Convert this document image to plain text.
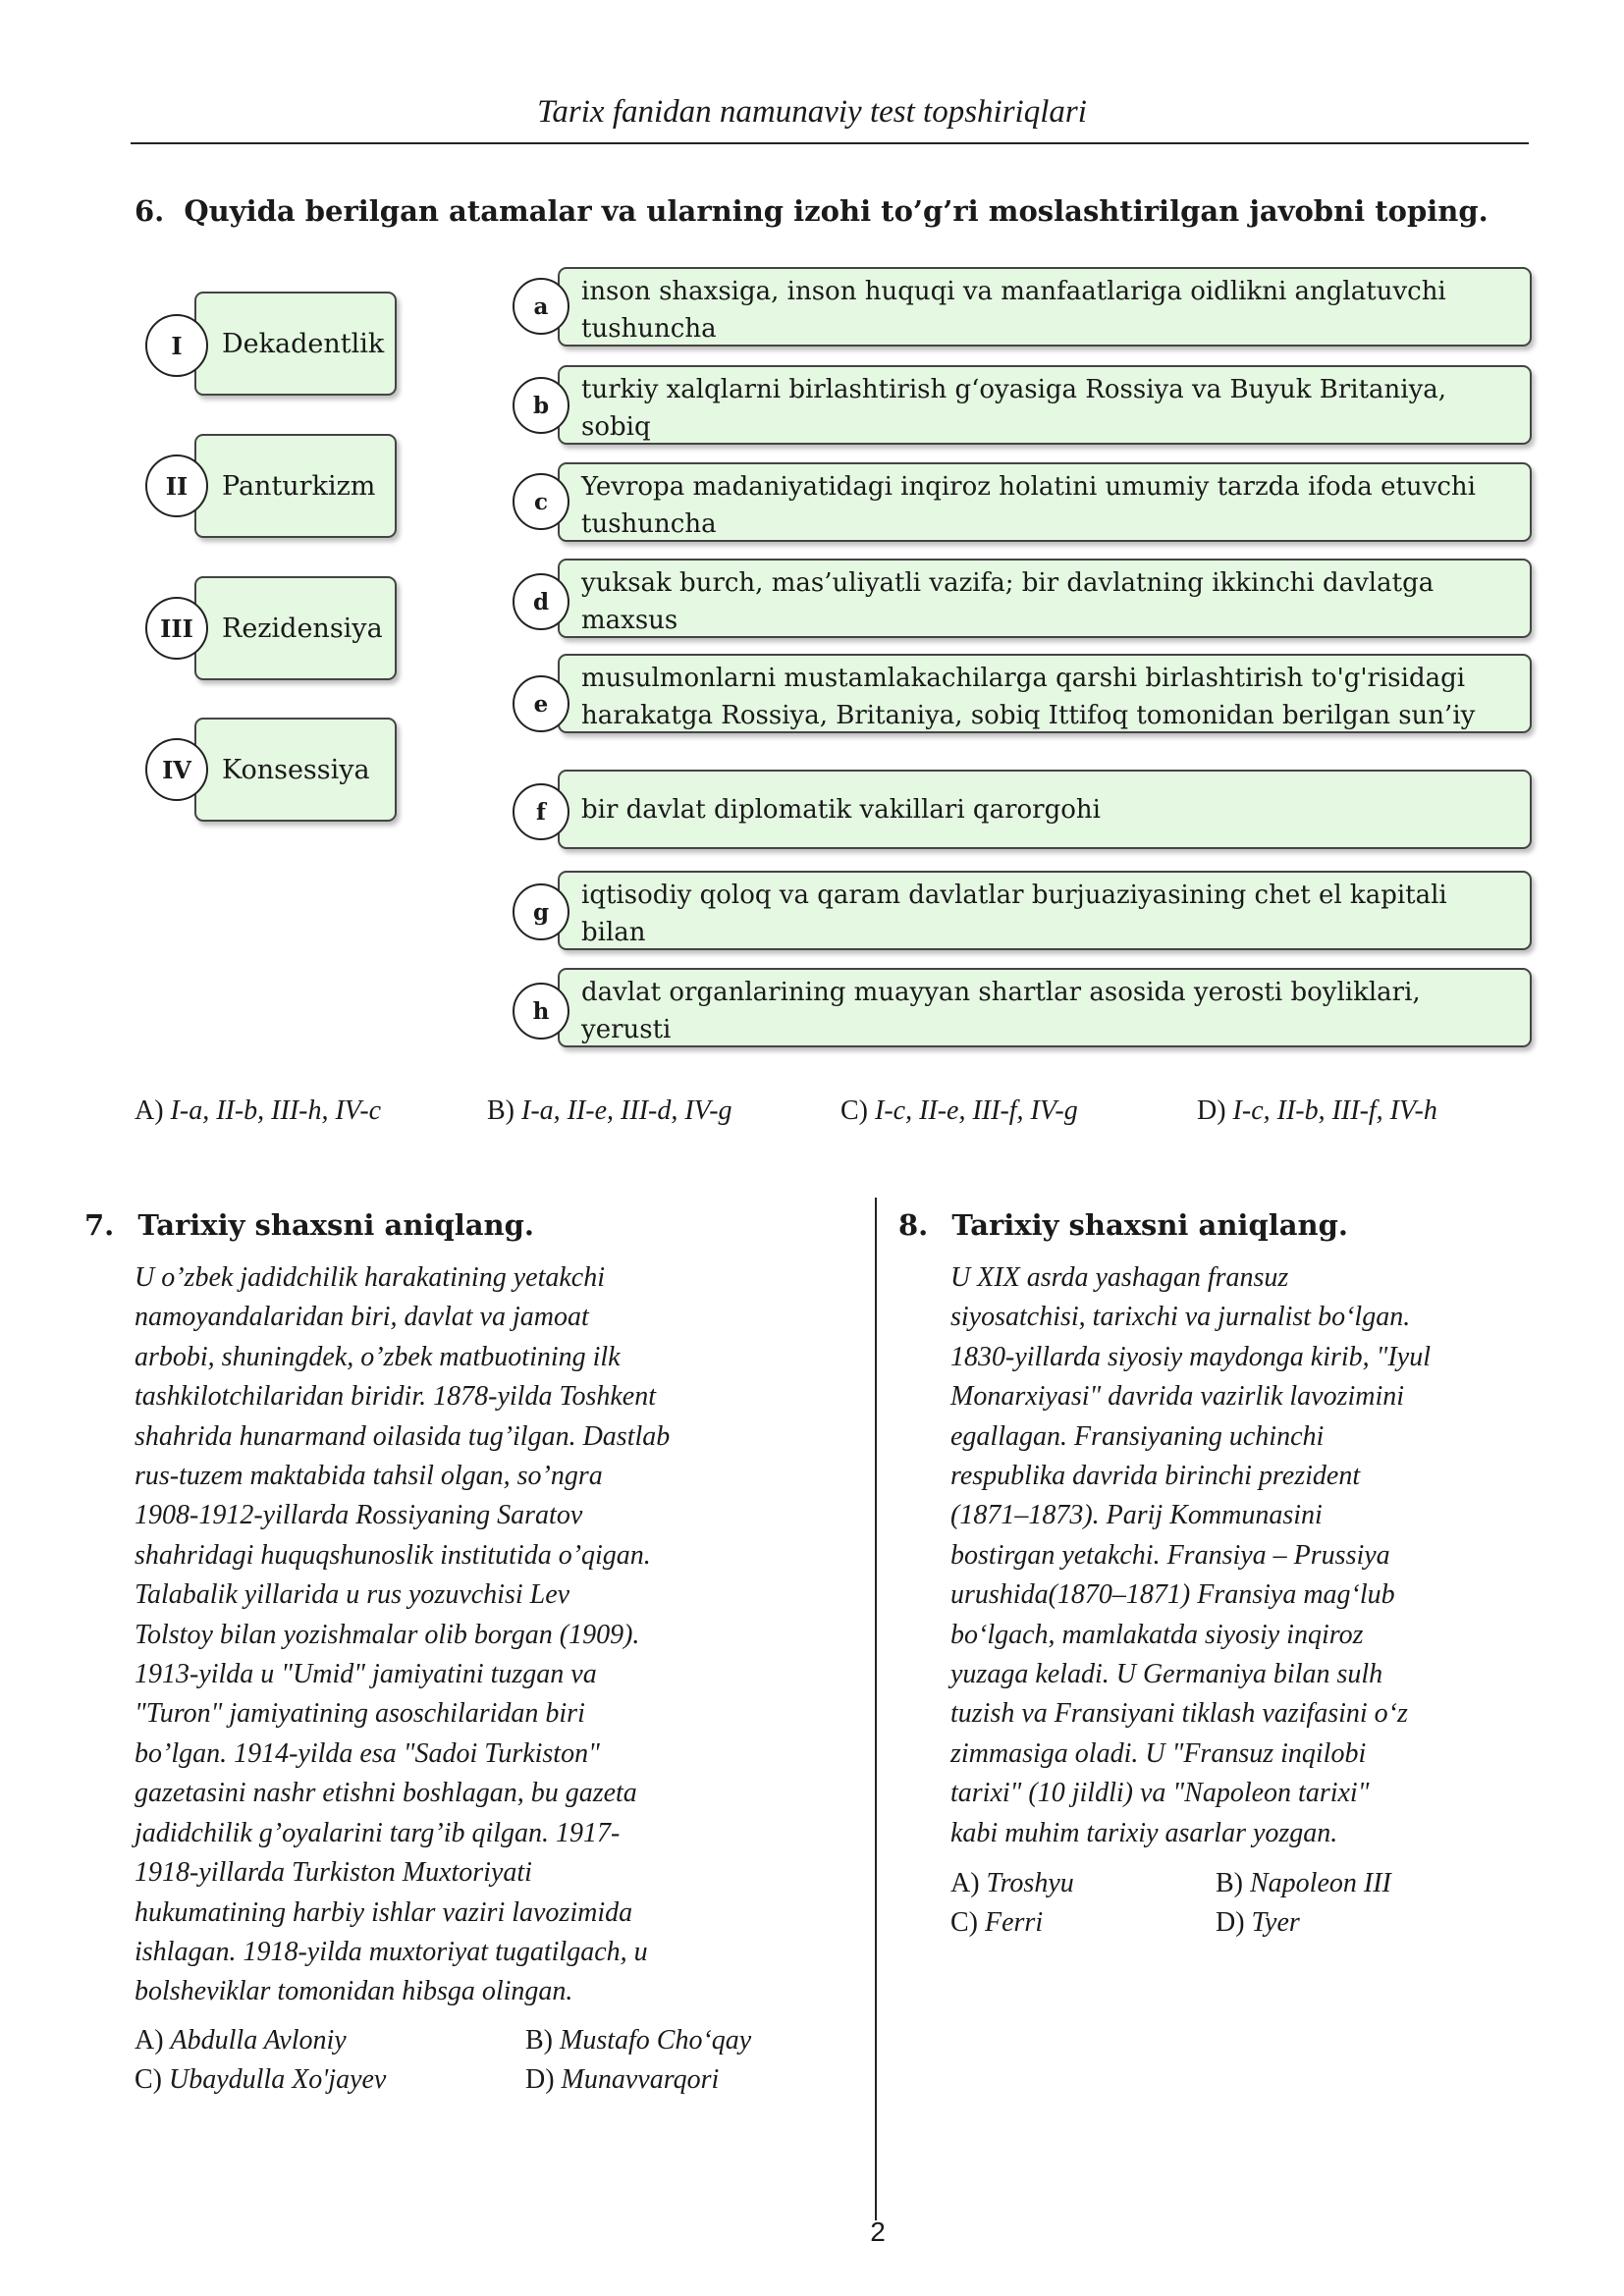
Tarix fanidan namunaviy test topshiriqlari
6. Quyida berilgan atamalar va ularning izohi to’g’ri moslashtirilgan javobni toping.
Dekadentlik
I
Panturkizm
II
Rezidensiya
III
Konsessiya
IV
inson shaxsiga, inson huquqi va manfaatlariga oidlikni anglatuvchi
tushuncha
a
turkiy xalqlarni birlashtirish g‘oyasiga Rossiya va Buyuk Britaniya, sobiq
b
Yevropa madaniyatidagi inqiroz holatini umumiy tarzda ifoda etuvchi
tushuncha
c
yuksak burch, mas’uliyatli vazifa; bir davlatning ikkinchi davlatga maxsus
d
musulmonlarni mustamlakachilarga qarshi birlashtirish to'g'risidagi
harakatga Rossiya, Britaniya, sobiq Ittifoq tomonidan berilgan sun’iy
e
bir davlat diplomatik vakillari qarorgohi
f
iqtisodiy qoloq va qaram davlatlar burjuaziyasining chet el kapitali bilan
g
davlat organlarining muayyan shartlar asosida yerosti boyliklari, yerusti
h
A) I-a, II-b, III-h, IV-c	B) I-a, II-e, III-d, IV-g	C) I-c, II-e, III-f, IV-g	D) I-c, II-b, III-f, IV-h
7. Tarixiy shaxsni aniqlang.
U o’zbek jadidchilik harakatining yetakchi
namoyandalaridan biri, davlat va jamoat
arbobi, shuningdek, o’zbek matbuotining ilk
tashkilotchilaridan biridir. 1878-yilda Toshkent
shahrida hunarmand oilasida tug’ilgan. Dastlab
rus-tuzem maktabida tahsil olgan, so’ngra
1908-1912-yillarda Rossiyaning Saratov
shahridagi huquqshunoslik institutida o’qigan.
Talabalik yillarida u rus yozuvchisi Lev
Tolstoy bilan yozishmalar olib borgan (1909).
1913-yilda u "Umid" jamiyatini tuzgan va
"Turon" jamiyatining asoschilaridan biri
bo’lgan. 1914-yilda esa "Sadoi Turkiston"
gazetasini nashr etishni boshlagan, bu gazeta
jadidchilik g’oyalarini targ’ib qilgan. 1917-
1918-yillarda Turkiston Muxtoriyati
hukumatining harbiy ishlar vaziri lavozimida
ishlagan. 1918-yilda muxtoriyat tugatilgach, u
bolsheviklar tomonidan hibsga olingan.
A) Abdulla Avloniy	B) Mustafo Cho‘qay
C) Ubaydulla Xo'jayev	D) Munavvarqori
8. Tarixiy shaxsni aniqlang.
U XIX asrda yashagan fransuz
siyosatchisi, tarixchi va jurnalist bo‘lgan.
1830-yillarda siyosiy maydonga kirib, "Iyul
Monarxiyasi" davrida vazirlik lavozimini
egallagan. Fransiyaning uchinchi
respublika davrida birinchi prezident
(1871–1873). Parij Kommunasini
bostirgan yetakchi. Fransiya – Prussiya
urushida(1870–1871) Fransiya mag‘lub
bo‘lgach, mamlakatda siyosiy inqiroz
yuzaga keladi. U Germaniya bilan sulh
tuzish va Fransiyani tiklash vazifasini o‘z
zimmasiga oladi. U "Fransuz inqilobi
tarixi" (10 jildli) va "Napoleon tarixi"
kabi muhim tarixiy asarlar yozgan.
A) Troshyu	B) Napoleon III
C) Ferri	D) Tyer
2
